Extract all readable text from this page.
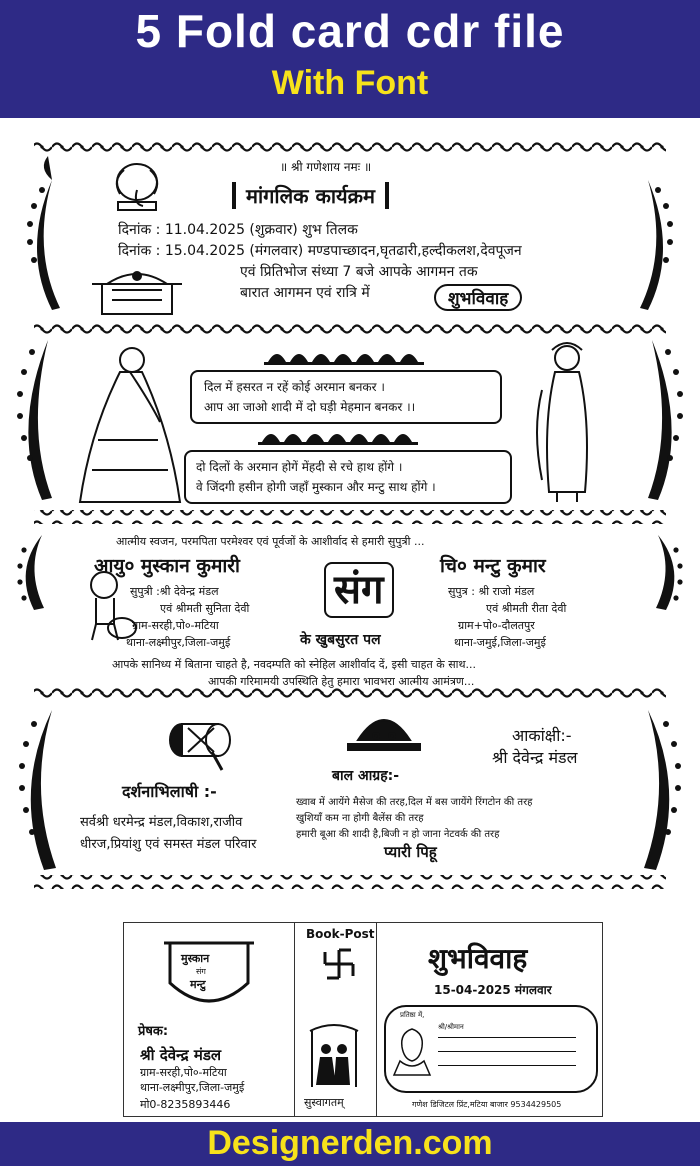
5 Fold card cdr file
With Font
॥ श्री गणेशाय नमः ॥
मांगलिक कार्यक्रम
दिनांक : 11.04.2025 (शुक्रवार) शुभ तिलक
दिनांक : 15.04.2025 (मंगलवार) मण्डपाच्छादन,घृतढारी,हल्दीकलश,देवपूजन
एवं प्रितिभोज संध्या 7 बजे आपके आगमन तक
बारात आगमन एवं रात्रि में	शुभविवाह
दिल में हसरत न रहें कोई अरमान बनकर ।
आप आ जाओ शादी में दो घड़ी मेहमान बनकर ।।
दो दिलों के अरमान होगें मेंहदी से रचे हाथ होंगे ।
वे जिंदगी हसीन होगी जहाँ मुस्कान और मन्टु साथ होंगे ।
आत्मीय स्वजन, परमपिता परमेश्वर एवं पूर्वजों के आशीर्वाद से हमारी सुपुत्री ...
आयु० मुस्कान कुमारी
सुपुत्री :श्री देवेन्द्र मंडल
एवं श्रीमती सुनिता देवी
ग्राम-सरही,पो०-मटिया
थाना-लक्ष्मीपुर,जिला-जमुई
संग
के खुबसुरत पल
चि० मन्टु कुमार
सुपुत्र : श्री राजो मंडल
एवं श्रीमती रीता देवी
ग्राम+पो०-दौलतपुर
थाना-जमुई,जिला-जमुई
आपके सानिध्य में बिताना चाहते है, नवदम्पति को स्नेहिल आशीर्वाद दें, इसी चाहत के साथ...
आपकी गरिमामयी उपस्थिति हेतु हमारा भावभरा आत्मीय आमंत्रण...
आकांक्षी:-
श्री देवेन्द्र मंडल
दर्शनाभिलाषी :-
सर्वश्री धरमेन्द्र मंडल,विकाश,राजीव
धीरज,प्रियांशु एवं समस्त मंडल परिवार
बाल आग्रह:-
ख्वाब में आयेंगे मैसेज की तरह,दिल में बस जायेंगे रिंगटोन की तरह
खुशियाँ कम ना होगी बैलेंस की तरह
हमारी बूआ की शादी है,बिजी न हो जाना नेटवर्क की तरह
प्यारी पिहू
मुस्कान
संग
मन्टु
प्रेषक:
श्री देवेन्द्र मंडल
ग्राम-सरही,पो०-मटिया
थाना-लक्ष्मीपुर,जिला-जमुई
मो0-8235893446
Book-Post
सुस्वागतम्
शुभविवाह
15-04-2025 मंगलवार
प्रतिष्ठा में,
श्री/श्रीमान
गणेश डिजिटल प्रिंट,मटिया बाजार 9534429505
Designerden.com
